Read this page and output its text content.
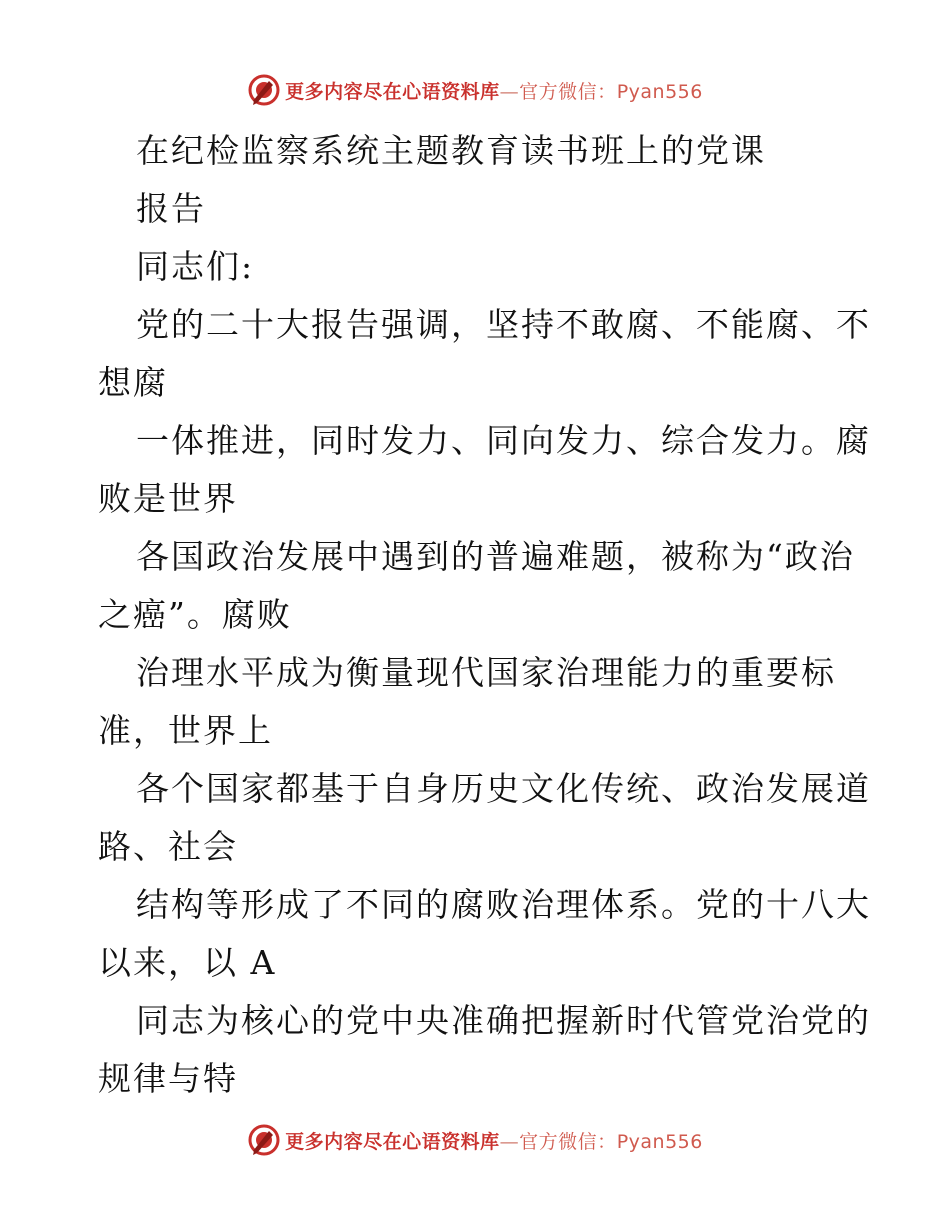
更多内容尽在心语资料库—官方微信：Pyan556
在纪检监察系统主题教育读书班上的党课
报告
同志们:
党的二十大报告强调，坚持不敢腐、不能腐、不
想腐
一体推进，同时发力、同向发力、综合发力。腐
败是世界
各国政治发展中遇到的普遍难题，被称为“政治
之癌”。腐败
治理水平成为衡量现代国家治理能力的重要标
准，世界上
各个国家都基于自身历史文化传统、政治发展道
路、社会
结构等形成了不同的腐败治理体系。党的十八大
以来，以 A
同志为核心的党中央准确把握新时代管党治党的
规律与特
更多内容尽在心语资料库—官方微信：Pyan556
